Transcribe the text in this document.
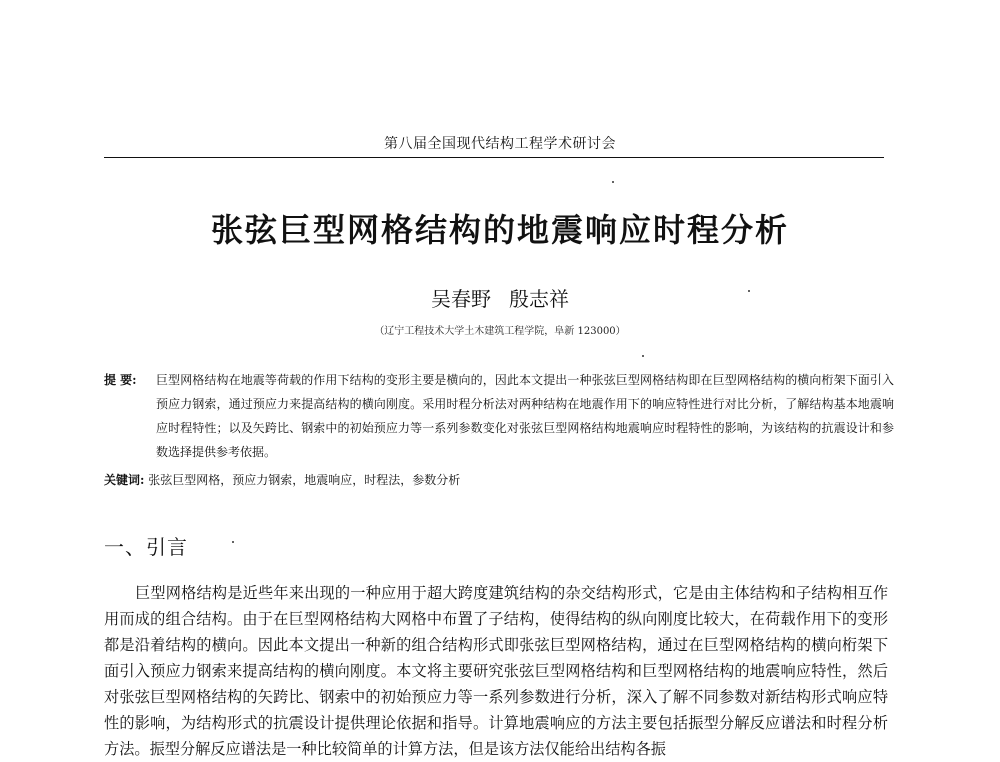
第八届全国现代结构工程学术研讨会
张弦巨型网格结构的地震响应时程分析
吴春野 殷志祥
（辽宁工程技术大学土木建筑工程学院，阜新 123000）
提 要:	巨型网格结构在地震等荷载的作用下结构的变形主要是横向的，因此本文提出一种张弦巨型网格结构即在巨型网格结构的横向桁架下面引入预应力钢索，通过预应力来提高结构的横向刚度。采用时程分析法对两种结构在地震作用下的响应特性进行对比分析，了解结构基本地震响应时程特性；以及矢跨比、钢索中的初始预应力等一系列参数变化对张弦巨型网格结构地震响应时程特性的影响，为该结构的抗震设计和参数选择提供参考依据。
关键词: 张弦巨型网格，预应力钢索，地震响应，时程法，参数分析
一、引言

巨型网格结构是近些年来出现的一种应用于超大跨度建筑结构的杂交结构形式，它是由主体结构和子结构相互作用而成的组合结构。由于在巨型网格结构大网格中布置了子结构，使得结构的纵向刚度比较大，在荷载作用下的变形都是沿着结构的横向。因此本文提出一种新的组合结构形式即张弦巨型网格结构，通过在巨型网格结构的横向桁架下面引入预应力钢索来提高结构的横向刚度。本文将主要研究张弦巨型网格结构和巨型网格结构的地震响应特性，然后对张弦巨型网格结构的矢跨比、钢索中的初始预应力等一系列参数进行分析，深入了解不同参数对新结构形式响应特性的影响，为结构形式的抗震设计提供理论依据和指导。计算地震响应的方法主要包括振型分解反应谱法和时程分析方法。振型分解反应谱法是一种比较简单的计算方法，但是该方法仅能给出结构各振
